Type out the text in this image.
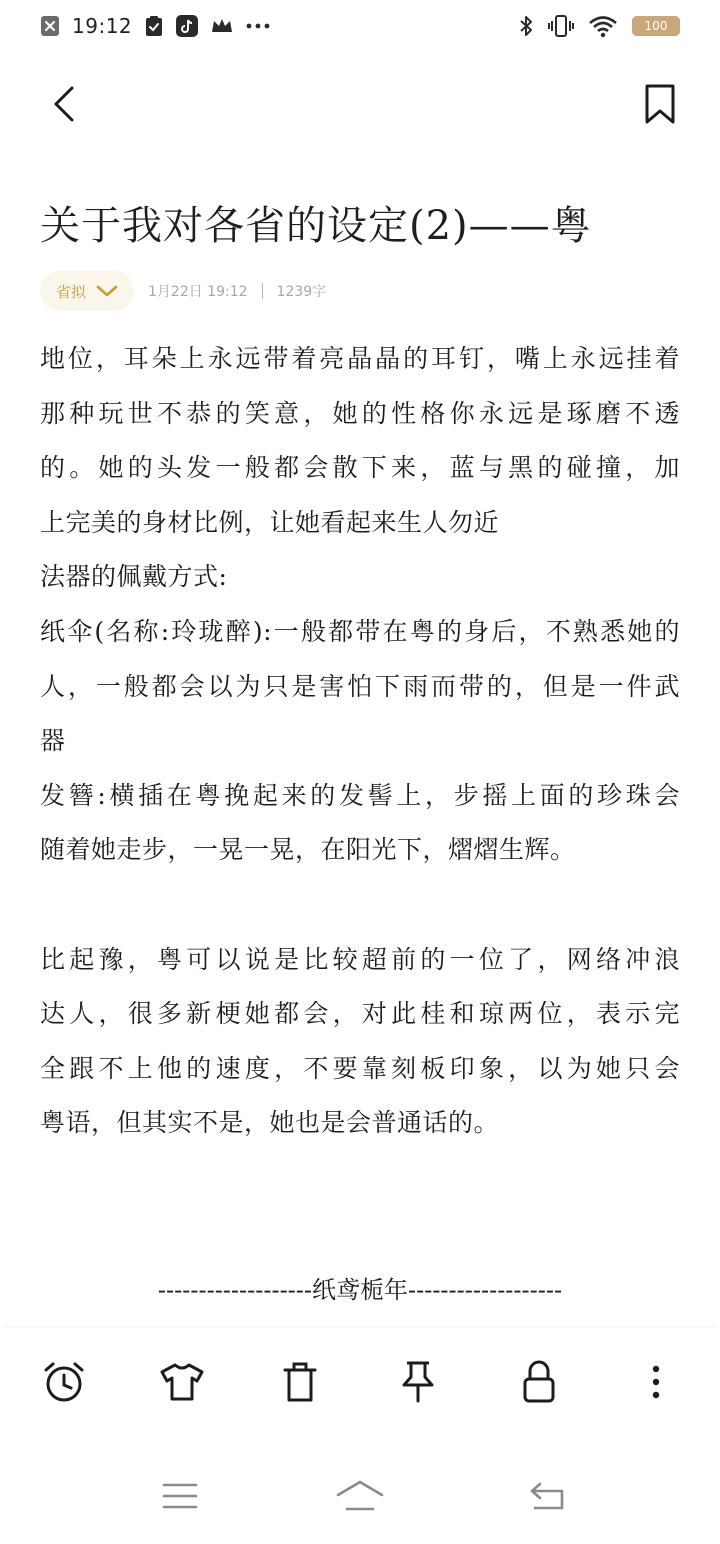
19:12	100
关于我对各省的设定(2)——粤
省拟	1月22日 19:12 1239字
地位，耳朵上永远带着亮晶晶的耳钉，嘴上永远挂着
那种玩世不恭的笑意，她的性格你永远是琢磨不透
的。她的头发一般都会散下来，蓝与黑的碰撞，加
上完美的身材比例，让她看起来生人勿近
法器的佩戴方式:
纸伞(名称:玲珑醉):一般都带在粤的身后，不熟悉她的
人，一般都会以为只是害怕下雨而带的，但是一件武
器
发簪:横插在粤挽起来的发髻上，步摇上面的珍珠会
随着她走步，一晃一晃，在阳光下，熠熠生辉。
比起豫，粤可以说是比较超前的一位了，网络冲浪
达人，很多新梗她都会，对此桂和琼两位，表示完
全跟不上他的速度，不要靠刻板印象，以为她只会
粤语，但其实不是，她也是会普通话的。
-------------------纸鸢栀年-------------------
